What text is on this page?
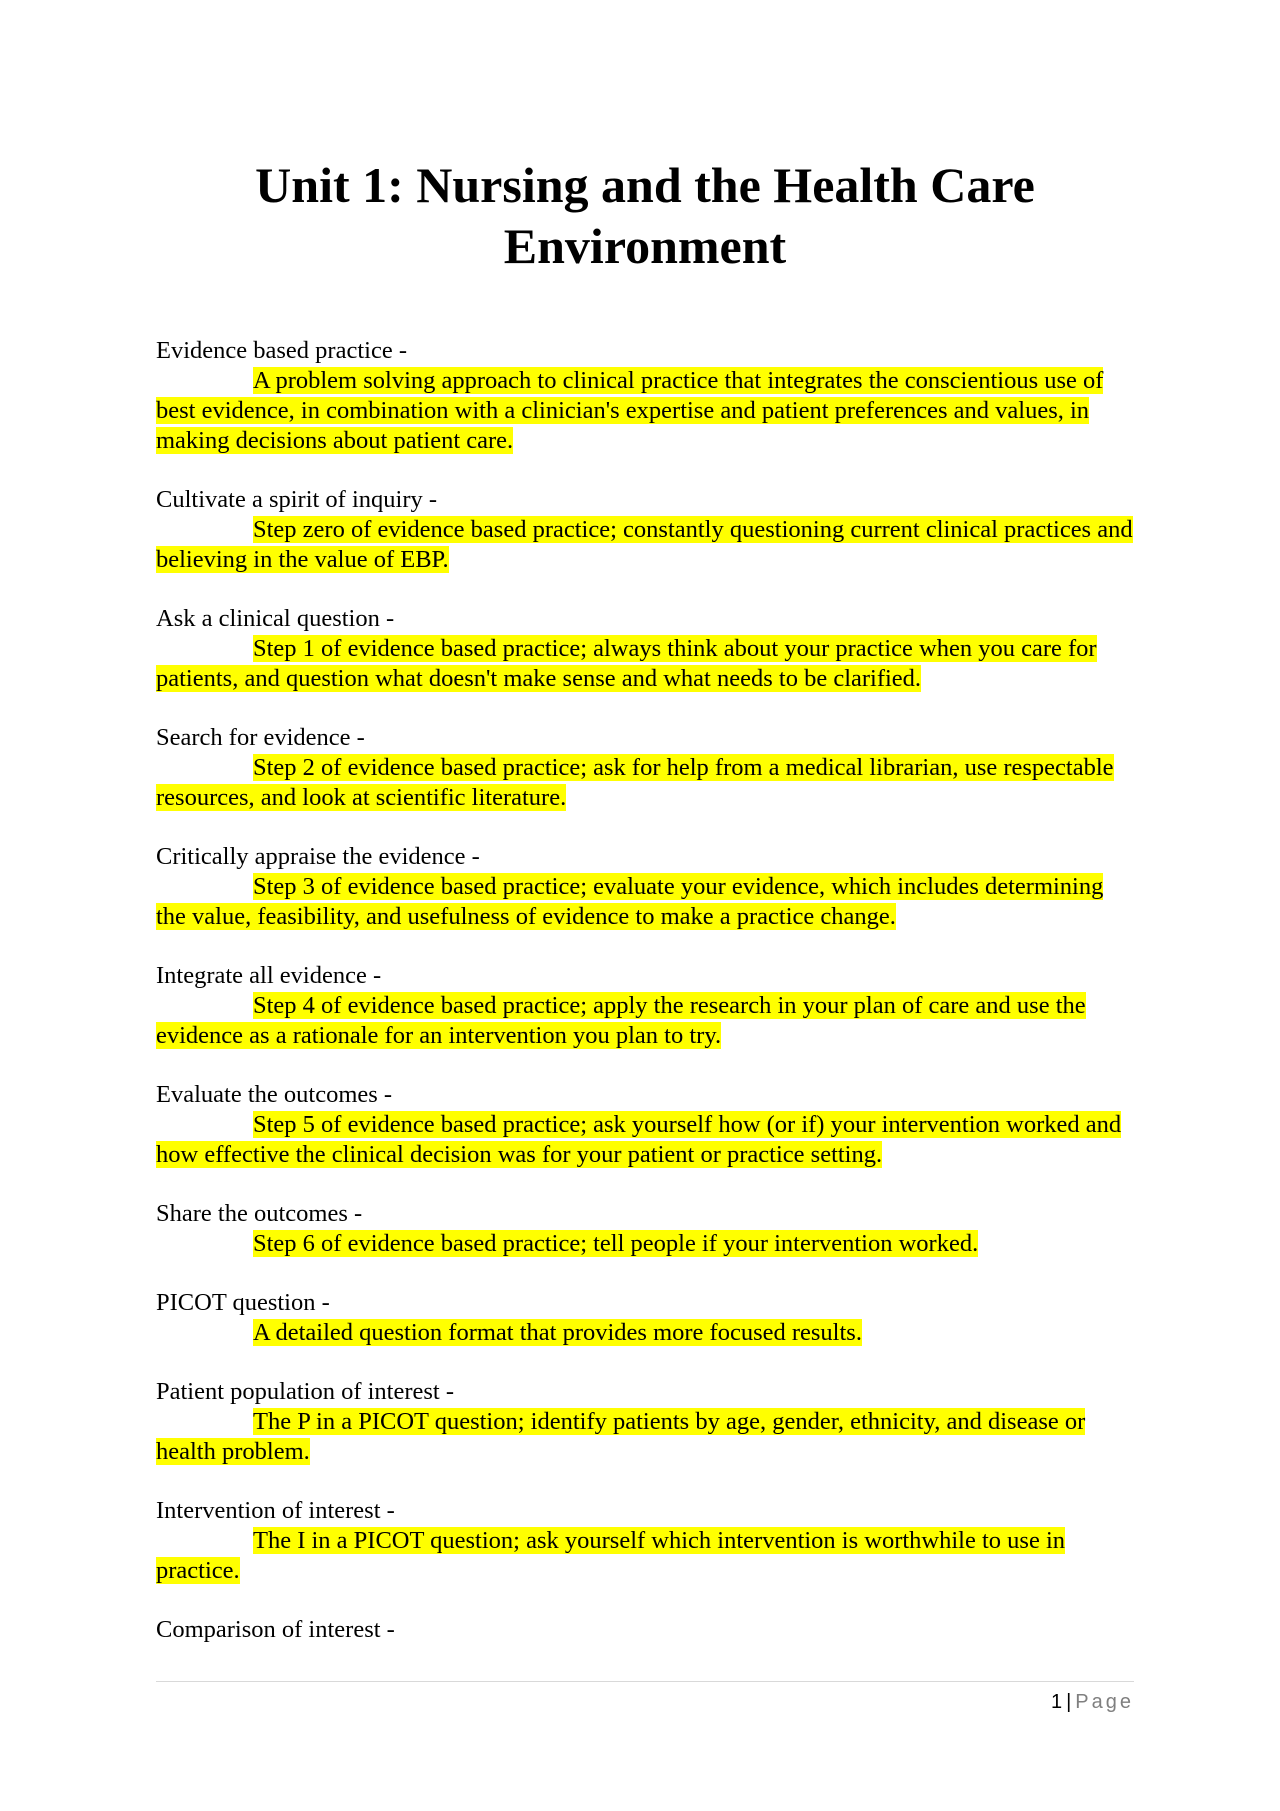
Unit 1: Nursing and the Health Care Environment

Evidence based practice -

A problem solving approach to clinical practice that integrates the conscientious use of best evidence, in combination with a clinician's expertise and patient preferences and values, in making decisions about patient care.

Cultivate a spirit of inquiry -

Step zero of evidence based practice; constantly questioning current clinical practices and believing in the value of EBP.

Ask a clinical question -

Step 1 of evidence based practice; always think about your practice when you care for patients, and question what doesn't make sense and what needs to be clarified.

Search for evidence -

Step 2 of evidence based practice; ask for help from a medical librarian, use respectable resources, and look at scientific literature.

Critically appraise the evidence -

Step 3 of evidence based practice; evaluate your evidence, which includes determining the value, feasibility, and usefulness of evidence to make a practice change.

Integrate all evidence -

Step 4 of evidence based practice; apply the research in your plan of care and use the evidence as a rationale for an intervention you plan to try.

Evaluate the outcomes -

Step 5 of evidence based practice; ask yourself how (or if) your intervention worked and how effective the clinical decision was for your patient or practice setting.

Share the outcomes -

Step 6 of evidence based practice; tell people if your intervention worked.

PICOT question -

A detailed question format that provides more focused results.

Patient population of interest -

The P in a PICOT question; identify patients by age, gender, ethnicity, and disease or health problem.

Intervention of interest -

The I in a PICOT question; ask yourself which intervention is worthwhile to use in practice.

Comparison of interest -

1 | Page
